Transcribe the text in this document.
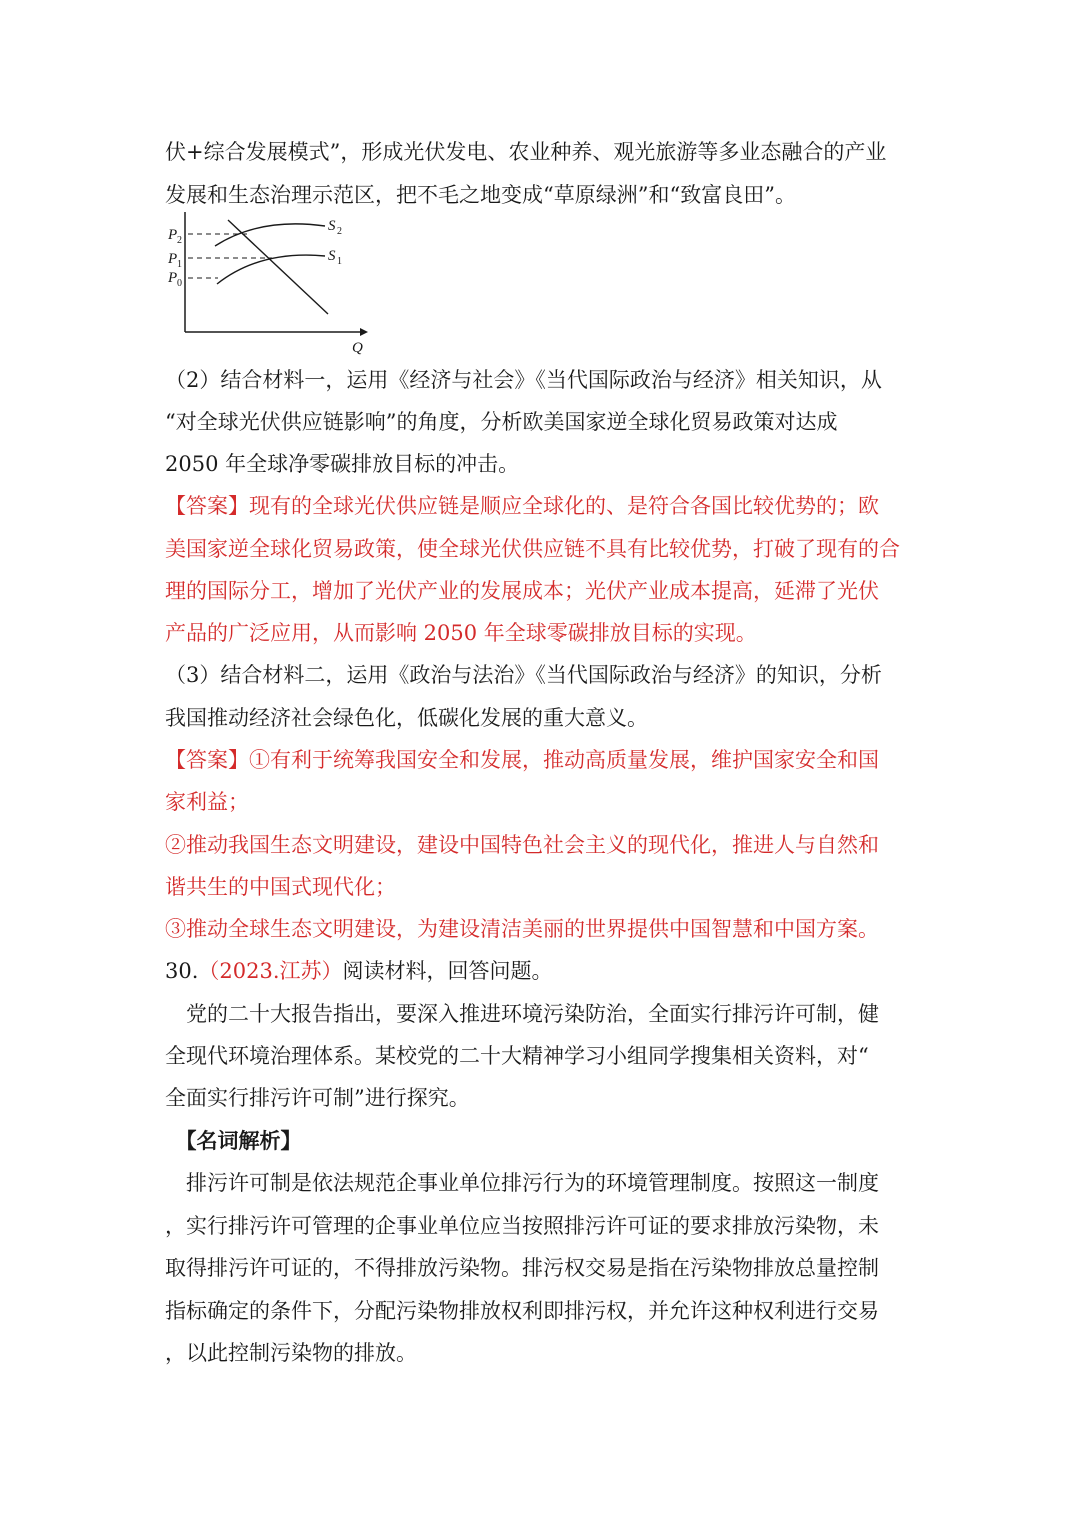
伏+综合发展模式”，形成光伏发电、农业种养、观光旅游等多业态融合的产业
发展和生态治理示范区，把不毛之地变成“草原绿洲”和“致富良田”。
P 2
P 1
P 0
S 2
S 1
Q
（2）结合材料一，运用《经济与社会》《当代国际政治与经济》相关知识，从
“对全球光伏供应链影响”的角度，分析欧美国家逆全球化贸易政策对达成
2050 年全球净零碳排放目标的冲击。
【答案】现有的全球光伏供应链是顺应全球化的、是符合各国比较优势的；欧
美国家逆全球化贸易政策，使全球光伏供应链不具有比较优势，打破了现有的合
理的国际分工，增加了光伏产业的发展成本；光伏产业成本提高，延滞了光伏
产品的广泛应用，从而影响 2050 年全球零碳排放目标的实现。
（3）结合材料二，运用《政治与法治》《当代国际政治与经济》的知识，分析
我国推动经济社会绿色化，低碳化发展的重大意义。
【答案】①有利于统筹我国安全和发展，推动高质量发展，维护国家安全和国
家利益；
②推动我国生态文明建设，建设中国特色社会主义的现代化，推进人与自然和
谐共生的中国式现代化；
③推动全球生态文明建设，为建设清洁美丽的世界提供中国智慧和中国方案。
30.（2023.江苏）阅读材料，回答问题。
　党的二十大报告指出，要深入推进环境污染防治，全面实行排污许可制，健
全现代环境治理体系。某校党的二十大精神学习小组同学搜集相关资料，对“
全面实行排污许可制”进行探究。
　【名词解析】
　排污许可制是依法规范企事业单位排污行为的环境管理制度。按照这一制度
，实行排污许可管理的企事业单位应当按照排污许可证的要求排放污染物，未
取得排污许可证的，不得排放污染物。排污权交易是指在污染物排放总量控制
指标确定的条件下，分配污染物排放权利即排污权，并允许这种权利进行交易
，以此控制污染物的排放。
